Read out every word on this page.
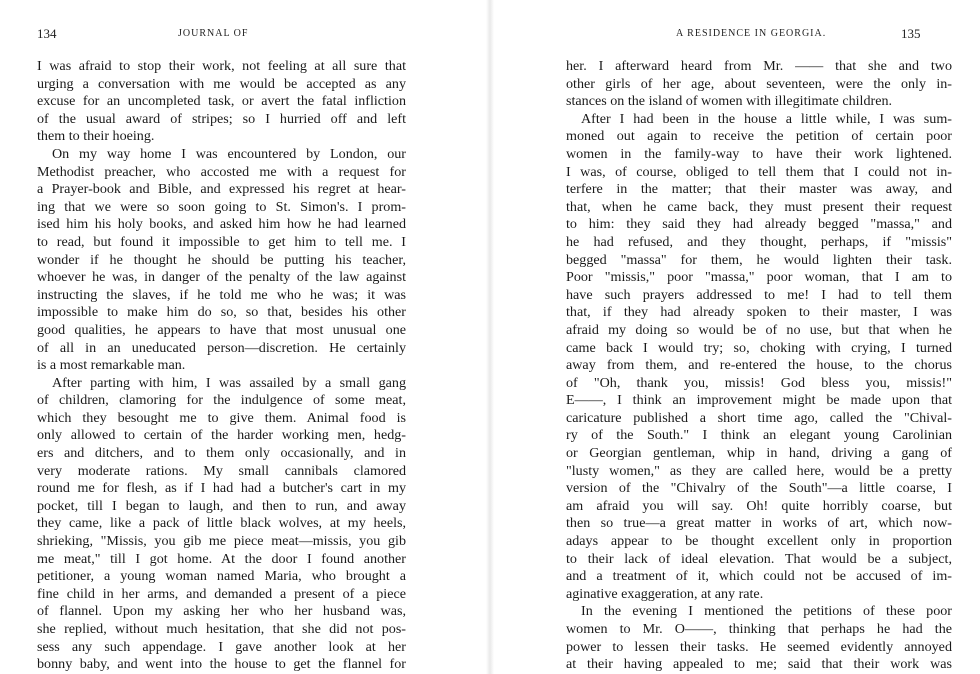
134	JOURNAL OF
I was afraid to stop their work, not feeling at all sure that
urging a conversation with me would be accepted as any
excuse for an uncompleted task, or avert the fatal infliction
of the usual award of stripes; so I hurried off and left
them to their hoeing.
On my way home I was encountered by London, our
Methodist preacher, who accosted me with a request for
a Prayer-book and Bible, and expressed his regret at hear-
ing that we were so soon going to St. Simon's. I prom-
ised him his holy books, and asked him how he had learned
to read, but found it impossible to get him to tell me. I
wonder if he thought he should be putting his teacher,
whoever he was, in danger of the penalty of the law against
instructing the slaves, if he told me who he was; it was
impossible to make him do so, so that, besides his other
good qualities, he appears to have that most unusual one
of all in an uneducated person—discretion. He certainly
is a most remarkable man.
After parting with him, I was assailed by a small gang
of children, clamoring for the indulgence of some meat,
which they besought me to give them. Animal food is
only allowed to certain of the harder working men, hedg-
ers and ditchers, and to them only occasionally, and in
very moderate rations. My small cannibals clamored
round me for flesh, as if I had had a butcher's cart in my
pocket, till I began to laugh, and then to run, and away
they came, like a pack of little black wolves, at my heels,
shrieking, "Missis, you gib me piece meat—missis, you gib
me meat," till I got home. At the door I found another
petitioner, a young woman named Maria, who brought a
fine child in her arms, and demanded a present of a piece
of flannel. Upon my asking her who her husband was,
she replied, without much hesitation, that she did not pos-
sess any such appendage. I gave another look at her
bonny baby, and went into the house to get the flannel for
A RESIDENCE IN GEORGIA.	135
her. I afterward heard from Mr. —— that she and two
other girls of her age, about seventeen, were the only in-
stances on the island of women with illegitimate children.
After I had been in the house a little while, I was sum-
moned out again to receive the petition of certain poor
women in the family-way to have their work lightened.
I was, of course, obliged to tell them that I could not in-
terfere in the matter; that their master was away, and
that, when he came back, they must present their request
to him: they said they had already begged "massa," and
he had refused, and they thought, perhaps, if "missis"
begged "massa" for them, he would lighten their task.
Poor "missis," poor "massa," poor woman, that I am to
have such prayers addressed to me! I had to tell them
that, if they had already spoken to their master, I was
afraid my doing so would be of no use, but that when he
came back I would try; so, choking with crying, I turned
away from them, and re-entered the house, to the chorus
of "Oh, thank you, missis! God bless you, missis!"
E——, I think an improvement might be made upon that
caricature published a short time ago, called the "Chival-
ry of the South." I think an elegant young Carolinian
or Georgian gentleman, whip in hand, driving a gang of
"lusty women," as they are called here, would be a pretty
version of the "Chivalry of the South"—a little coarse, I
am afraid you will say. Oh! quite horribly coarse, but
then so true—a great matter in works of art, which now-
adays appear to be thought excellent only in proportion
to their lack of ideal elevation. That would be a subject,
and a treatment of it, which could not be accused of im-
aginative exaggeration, at any rate.
In the evening I mentioned the petitions of these poor
women to Mr. O——, thinking that perhaps he had the
power to lessen their tasks. He seemed evidently annoyed
at their having appealed to me; said that their work was
